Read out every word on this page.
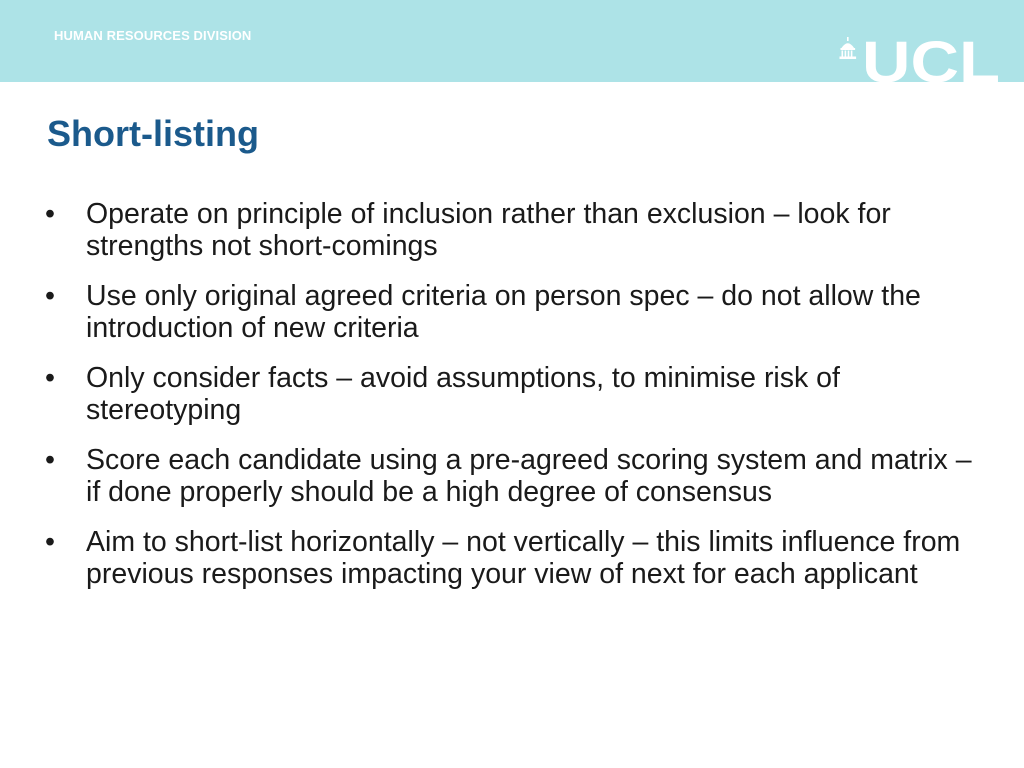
HUMAN RESOURCES DIVISION	UCL
Short-listing
•	Operate on principle of inclusion rather than exclusion – look for strengths not short-comings
•	Use only original agreed criteria on person spec – do not allow the introduction of new criteria
•	Only consider facts – avoid assumptions, to minimise risk of stereotyping
•	Score each candidate using a pre-agreed scoring system and matrix – if done properly should be a high degree of consensus
•	Aim to short-list horizontally – not vertically – this limits influence from previous responses impacting your view of next for each applicant
